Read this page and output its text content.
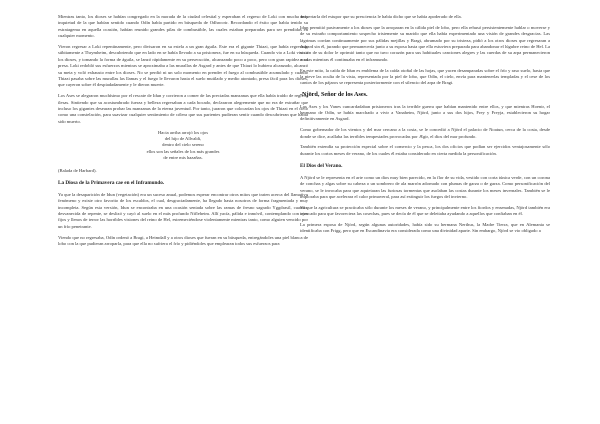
Mientras tanto, los dioses se habían congregado en la morada de la ciudad celestial y esperaban el regreso de Loki con mucha más inquietud de la que habían sentido cuando Odín había partido en búsqueda de Odhrocrir. Recordando el éxito que había tenido su estratagema en aquella ocasión, habían reunido grandes pilas de combustible, las cuales estaban preparadas para ser prendidas en cualquier momento.

Vieron regresar a Loki repentinamente, pero divisaron en su estela a un gran águila. Este era el gigante Thiazi, que había regresado súbitamente a Thrymheim, descubriendo que en lado en se había llevado a su prisionera, fue en su búsqueda. Cuando vio a Loki vino a los dioses, y tomando la forma de águila, se lanzó rápidamente en su persecución, alcanzando poco a poco, pero con gran rapidez a su presa. Loki redobló sus esfuerzos mientras se aproximaba a las murallas de Asgard y antes de que Thiazi lo hubiera alcanzado, alcanzó su meta y voló exhausto entre los dioses. No se perdió ni un solo momento en prender el fuego al combustible acumulado y cuando Thiazi pasaba sobre las murallas las llamas y el fuego le llevaron hasta el suelo mutilado y medio atontado, presa fácil para los dioses, que cayeron sobre él despiadadamente y le dieron muerte.

Los Ases se alegraron muchísimo por el rescate de Idun y corrieron a comer de las preciadas manzanas que ella había traído de regreso ilesas. Sintiendo que su acostumbrado fuerza y belleza regresaban a cada bocado, declararon alegremente que no era de extrañar que incluso los gigantes desearan probar las manzanas de la eterna juventud. Por tanto, juraron que colocarían los ojos de Thiazi en el cielo como una constelación, para suavizar cualquier sentimiento de cólera que sus parientes pudieran sentir cuando descubrieran que había sido muerto.

Hacia arriba arrojó los ojos
del hijo de Allvaldi,
dentro del cielo sereno
ellos son las señales de los más grandes
de entre mis hazañas.

(Balada de Harbard).

La Diosa de la Primavera cae en el Inframundo.

Ya que la desaparición de Idun (vegetación) era un suceso anual, podemos esperar encontrar otros mitos que traten acerca del llamativo fenómeno y existe otro favorito de los escaldos, el cual, desgraciadamente, ha llegado hasta nosotros de forma fragmentada y muy incompleta. Según esta versión, Idun se encontraba en una ocasión sentada sobre las ramas de fresno sagrado Yggdrasil, cuando, desvanecida de repente, se deslizó y cayó al suelo en el más profundo Nifleheim. Allí yacía, pálida e inmóvil, contemplando con ojos fijos y llenos de terror las horribles visiones del reino de Hel, estremeciéndose violentamente mientras tanto, como alguien vencido por un frío penetrante.

Viendo que no regresaba, Odín ordenó a Bragi, a Heimdall y a otros dioses que fueran en su búsqueda, entregándoles una piel blanca de lobo con la que pudieran arroparla, para que ella no sufriera el frío y pidiéndoles que emplearan todos sus esfuerzos para

despertarla del estupor que su presciencia le había dicho que se había apoderado de ella.

Idun permitió pasivamente a los dioses que la arroparan en la cálida piel de lobo, pero ella rehusó persistentemente hablar o moverse y de su extraño comportamiento sospecho tristemente su marido que ella había experimentado una visión de grandes desgracias. Las lágrimas corrían continuamente por sus pálidas mejillas y Bragi, abrumado por su tristeza, pidió a los otros dioses que regresaran a Asgard sin él, jurando que permanecería junto a su esposa hasta que ella estuviera preparada para abandonar el lúgubre reino de Hel. La visión de su dolor le oprimió tanto que no tuvo corazón para sus habituales canciones alegres y las cuerdas de su arpa permanecieron mudas mientras él continuaba en el inframundo.

En este mito, la caída de Idun es emblema de la caída otoñal de las hojas, que yacen desamparadas sobre el frío y raso suelo, hasta que la nieve las oculta de la vista, representada por la piel de lobo, que Odín, el cielo, envía para mantenerlas templadas y el cese de los cantos de los pájaros se representa posteriormente con el silencio del arpa de Bragi.

-Njörd, Señor de los Ases.

Los Ases y los Vanes cuncardadaban prisioneros tras la terrible guerra que habían mantenido entre ellos, y que mientras Hoenir, el hermano de Odín, se había marchado a vivir a Vanaheim, Njörd, junto a sus dos hijos, Frey y Freyja, establecieron su hogar definitivamente en Asgard.

Como gobernador de los vientos y del mar cercano a la costa, se le concedió a Njörd el palacio de Noatun, cerca de la costa, desde donde se dice, acallaba las terribles tempestades provocadas por Ægir, el dios del mar profundo.

También extendía su protección especial sobre el comercio y la pesca, los dos oficios que podían ser ejercidos ventajosamente sólo durante los cortos meses de verano, de los cuales él estaba considerado en cierta medida la personificación.

El Dios del Verano.

A Njörd se le representa en el arte como un dios muy bien parecido, en la flor de su vida, vestido con corta túnica verde, con un corona de conchas y algas sobre su cabeza o un sombrero de ala marrón adornado con plumas de garza o de garza. Como personificación del verano, se le invocaba para que aquietaran las furiosas tormentas que asolaban las costas durante los meses invernales. También se le imploraba para que acelerara el calor primaveral, para así extinguir los fuegos del invierno.

Ya que la agricultura se practicaba sólo durante los meses de verano, y principalmente entre los fiordos y ensenadas, Njörd también era invocado para que favoreciera las cosechas, pues se decía de él que se deleitaba ayudando a aquellos que confiaban en él.

La primera esposa de Njörd, según algunas autoridades, había sido su hermana Nerthus, la Madre Tierra, que en Alemania se identificaba con Frigg, pero que en Escandinavia era considerada como una divinidad aparte. Sin embargo, Njörd se vio obligado a
